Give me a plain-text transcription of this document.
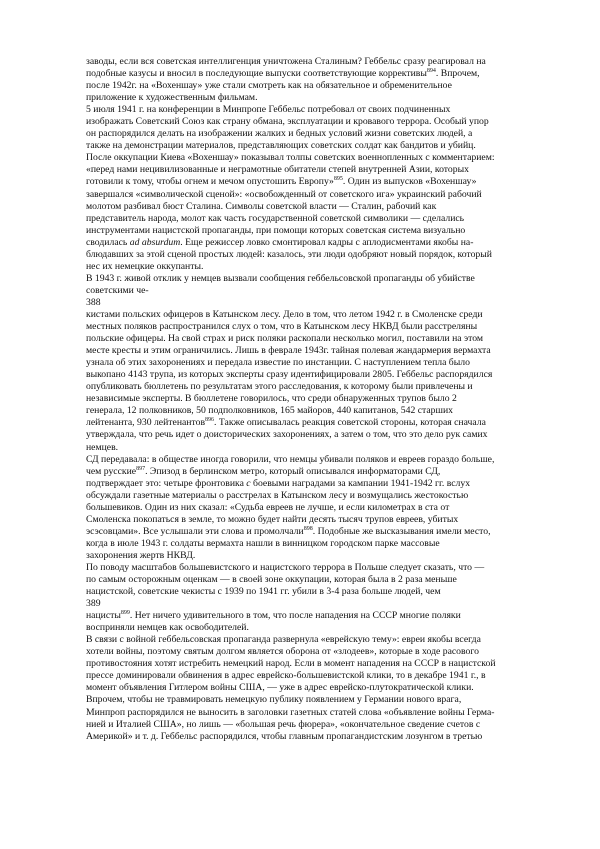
заводы, если вся советская интеллигенция уничтожена Сталиным? Геббельс сразу реагировал на
подобные казусы и вносил в последующие выпуски соответствующие коррективы$^{894}$. Впрочем,
после 1942г. на «Вохеншау» уже стали смотреть как на обязательное и обременительное
приложение к художественным фильмам.
5 июля 1941 г. на конференции в Минпропе Геббельс потребовал от своих подчиненных
изображать Советский Союз как страну обмана, эксплуатации и кровавого террора. Особый упор
он распорядился делать на изображении жалких и бедных условий жизни советских людей, а
также на демонстрации материалов, представляющих советских солдат как бандитов и убийц.
После оккупации Киева «Вохеншау» показывал толпы советских военнопленных с комментарием:
«перед нами нецивилизованные и неграмотные обитатели степей внутренней Азии, которых
готовили к тому, чтобы огнем и мечом опустошить Европу»$^{895}$. Один из выпусков «Вохеншау»
завершался «символической сценой»: «освобожденный от советского ига» украинский рабочий
молотом разбивал бюст Сталина. Символы советской власти — Сталин, рабочий как
представитель народа, молот как часть государственной советской символики — сделались
инструментами нацистской пропаганды, при помощи которых советская система визуально
сводилась ad absurdum. Еще режиссер ловко смонтировал кадры с аплодисментами якобы на-
блюдавших за этой сценой простых людей: казалось, эти люди одобряют новый порядок, который
нес их немецкие оккупанты.
В 1943 г. живой отклик у немцев вызвали сообщения геббельсовской пропаганды об убийстве
советскими че-
388
кистами польских офицеров в Катынском лесу. Дело в том, что летом 1942 г. в Смоленске среди
местных поляков распространился слух о том, что в Катынском лесу НКВД были расстреляны
польские офицеры. На свой страх и риск поляки раскопали несколько могил, поставили на этом
месте кресты и этим ограничились. Лишь в феврале 1943г. тайная полевая жандармерия вермахта
узнала об этих захоронениях и передала известие по инстанции. С наступлением тепла было
выкопано 4143 трупа, из которых эксперты сразу идентифицировали 2805. Геббельс распорядился
опубликовать бюллетень по результатам этого расследования, к которому были привлечены и
независимые эксперты. В бюллетене говорилось, что среди обнаруженных трупов было 2
генерала, 12 полковников, 50 подполковников, 165 майоров, 440 капитанов, 542 старших
лейтенанта, 930 лейтенантов$^{896}$. Также описывалась реакция советской стороны, которая сначала
утверждала, что речь идет о доисторических захоронениях, а затем о том, что это дело рук самих
немцев.
СД передавала: в обществе иногда говорили, что немцы убивали поляков и евреев гораздо больше,
чем русские$^{897}$. Эпизод в берлинском метро, который описывался информаторами СД,
подтверждает это: четыре фронтовика с боевыми наградами за кампании 1941-1942 гг. вслух
обсуждали газетные материалы о расстрелах в Катынском лесу и возмущались жестокостью
большевиков. Один из них сказал: «Судьба евреев не лучше, и если километрах в ста от
Смоленска покопаться в земле, то можно будет найти десять тысяч трупов евреев, убитых
эсэсовцами». Все услышали эти слова и промолчали$^{898}$. Подобные же высказывания имели место,
когда в июле 1943 г. солдаты вермахта нашли в винницком городском парке массовые
захоронения жертв НКВД.
По поводу масштабов большевистского и нацистского террора в Польше следует сказать, что —
по самым осторожным оценкам — в своей зоне оккупации, которая была в 2 раза меньше
нацистской, советские чекисты с 1939 по 1941 гг. убили в 3-4 раза больше людей, чем
389
нацисты$^{899}$. Нет ничего удивительного в том, что после нападения на СССР многие поляки
восприняли немцев как освободителей.
В связи с войной геббельсовская пропаганда развернула «еврейскую тему»: евреи якобы всегда
хотели войны, поэтому святым долгом является оборона от «злодеев», которые в ходе расового
противостояния хотят истребить немецкий народ. Если в момент нападения на СССР в нацистской
прессе доминировали обвинения в адрес еврейско-большевистской клики, то в декабре 1941 г., в
момент объявления Гитлером войны США, — уже в адрес еврейско-плутократической клики.
Впрочем, чтобы не травмировать немецкую публику появлением у Германии нового врага,
Минпроп распорядился не выносить в заголовки газетных статей слова «объявление войны Герма-
нией и Италией США», но лишь — «большая речь фюрера», «окончательное сведение счетов с
Америкой» и т. д. Геббельс распорядился, чтобы главным пропагандистским лозунгом в третью
